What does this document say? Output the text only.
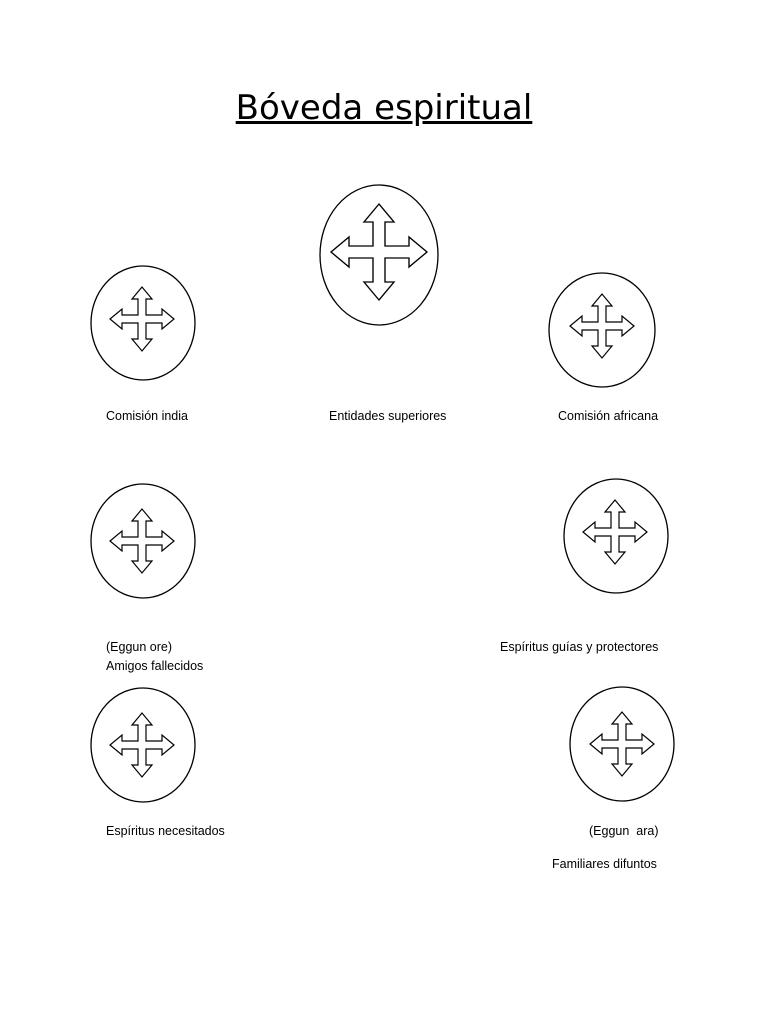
Bóveda espiritual
Comisión india	Entidades superiores	Comisión africana
(Eggun ore)
Amigos fallecidos
Espíritus guías y protectores
Espíritus necesitados	(Eggun  ara)
Familiares difuntos
